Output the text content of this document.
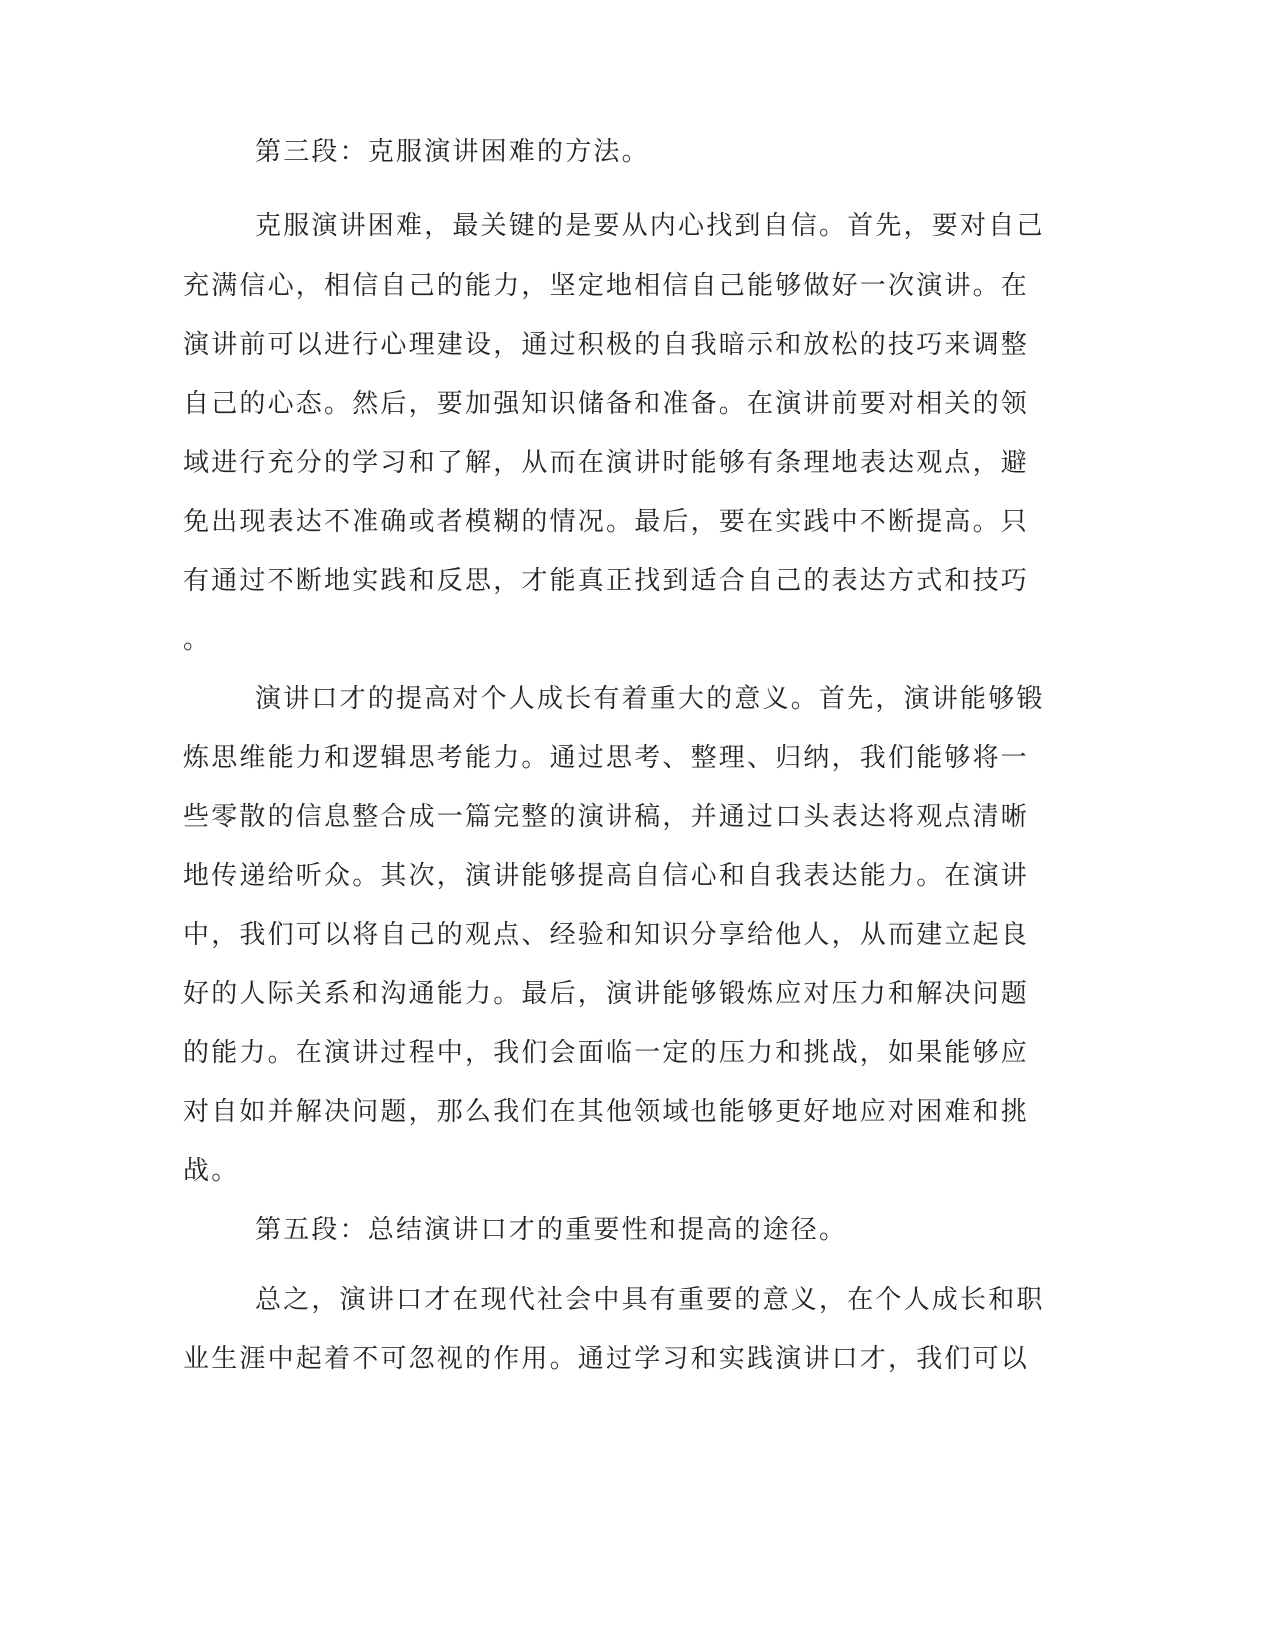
第三段：克服演讲困难的方法。
克服演讲困难，最关键的是要从内心找到自信。首先，要对自己
充满信心，相信自己的能力，坚定地相信自己能够做好一次演讲。在
演讲前可以进行心理建设，通过积极的自我暗示和放松的技巧来调整
自己的心态。然后，要加强知识储备和准备。在演讲前要对相关的领
域进行充分的学习和了解，从而在演讲时能够有条理地表达观点，避
免出现表达不准确或者模糊的情况。最后，要在实践中不断提高。只
有通过不断地实践和反思，才能真正找到适合自己的表达方式和技巧
。
演讲口才的提高对个人成长有着重大的意义。首先，演讲能够锻
炼思维能力和逻辑思考能力。通过思考、整理、归纳，我们能够将一
些零散的信息整合成一篇完整的演讲稿，并通过口头表达将观点清晰
地传递给听众。其次，演讲能够提高自信心和自我表达能力。在演讲
中，我们可以将自己的观点、经验和知识分享给他人，从而建立起良
好的人际关系和沟通能力。最后，演讲能够锻炼应对压力和解决问题
的能力。在演讲过程中，我们会面临一定的压力和挑战，如果能够应
对自如并解决问题，那么我们在其他领域也能够更好地应对困难和挑
战。
第五段：总结演讲口才的重要性和提高的途径。
总之，演讲口才在现代社会中具有重要的意义，在个人成长和职
业生涯中起着不可忽视的作用。通过学习和实践演讲口才，我们可以
